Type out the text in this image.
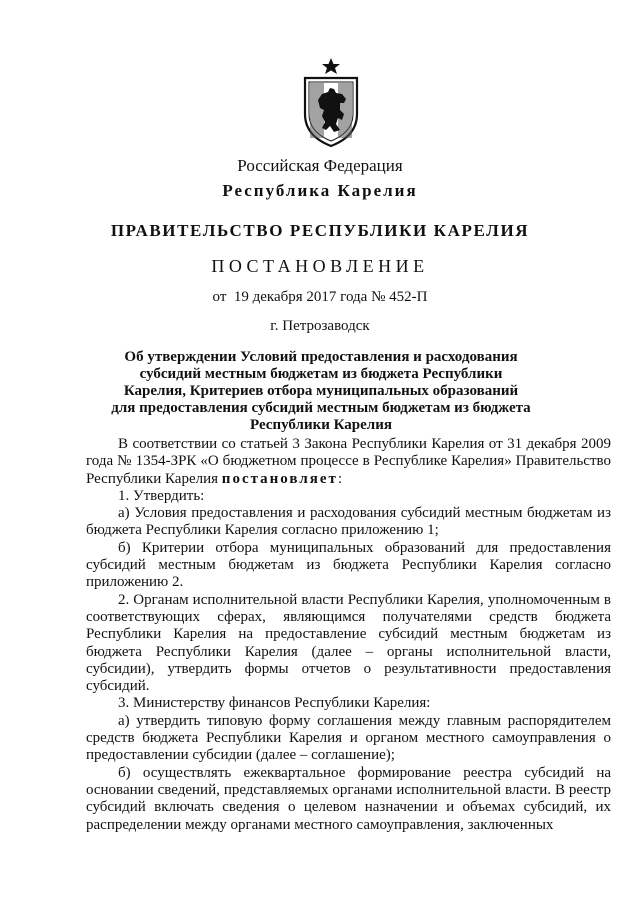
Российская Федерация
Республика Карелия
ПРАВИТЕЛЬСТВО РЕСПУБЛИКИ КАРЕЛИЯ
ПОСТАНОВЛЕНИЕ
от  19 декабря 2017 года № 452-П
г. Петрозаводск
Об утверждении Условий предоставления и расходования субсидий местным бюджетам из бюджета Республики Карелия, Критериев отбора муниципальных образований для предоставления субсидий местным бюджетам из бюджета Республики Карелия

В соответствии со статьей 3 Закона Республики Карелия от 31 декабря 2009 года № 1354-ЗРК «О бюджетном процессе в Республике Карелия» Правительство Республики Карелия постановляет:

1. Утвердить:

а) Условия предоставления и расходования субсидий местным бюджетам из бюджета Республики Карелия согласно приложению 1;

б) Критерии отбора муниципальных образований для предоставления субсидий местным бюджетам из бюджета Республики Карелия согласно приложению 2.

2. Органам исполнительной власти Республики Карелия, уполномоченным в соответствующих сферах, являющимся получателями средств бюджета Республики Карелия на предоставление субсидий местным бюджетам из бюджета Республики Карелия (далее – органы исполнительной власти, субсидии), утвердить формы отчетов о результативности предоставления субсидий.

3. Министерству финансов Республики Карелия:

а) утвердить типовую форму соглашения между главным распорядителем средств бюджета Республики Карелия и органом местного самоуправления о предоставлении субсидии (далее – соглашение);

б) осуществлять ежеквартальное формирование реестра субсидий на основании сведений, представляемых органами исполнительной власти. В реестр субсидий включать сведения о целевом назначении и объемах субсидий, их распределении между органами местного самоуправления, заключенных
